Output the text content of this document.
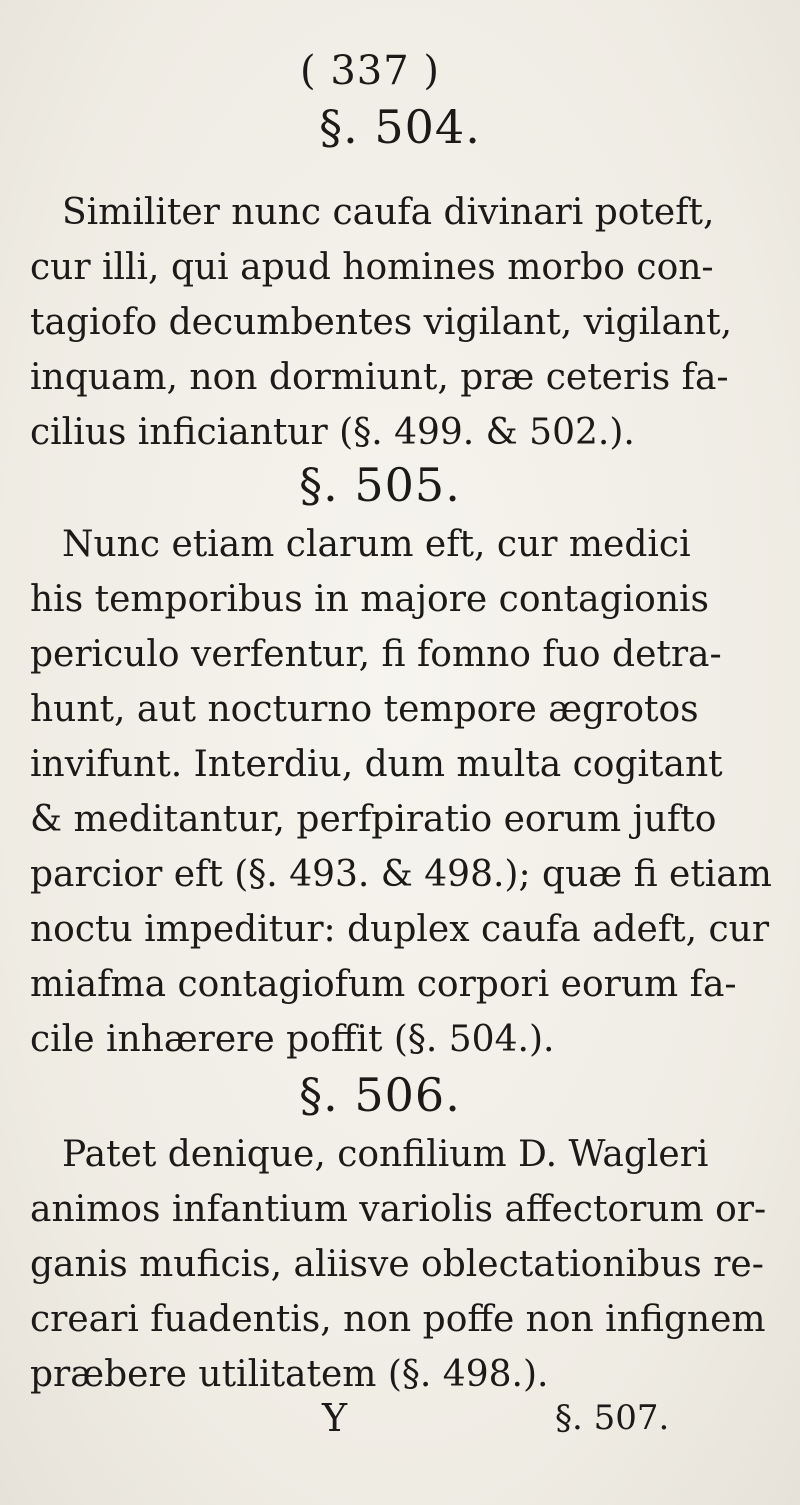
( 337 )
§. 504.
Similiter nunc caufa divinari poteft,
cur illi, qui apud homines morbo con-
tagiofo decumbentes vigilant, vigilant,
inquam, non dormiunt, præ ceteris fa-
cilius inficiantur (§. 499. & 502.).
§. 505.
Nunc etiam clarum eft, cur medici
his temporibus in majore contagionis
periculo verfentur, fi fomno fuo detra-
hunt, aut nocturno tempore ægrotos
invifunt. Interdiu, dum multa cogitant
& meditantur, perfpiratio eorum jufto
parcior eft (§. 493. & 498.); quæ fi etiam
noctu impeditur: duplex caufa adeft, cur
miafma contagiofum corpori eorum fa-
cile inhærere poffit (§. 504.).
§. 506.
Patet denique, confilium D. Wagleri
animos infantium variolis affectorum or-
ganis muficis, aliisve oblectationibus re-
creari fuadentis, non poffe non infignem
præbere utilitatem (§. 498.).
Y	§. 507.
